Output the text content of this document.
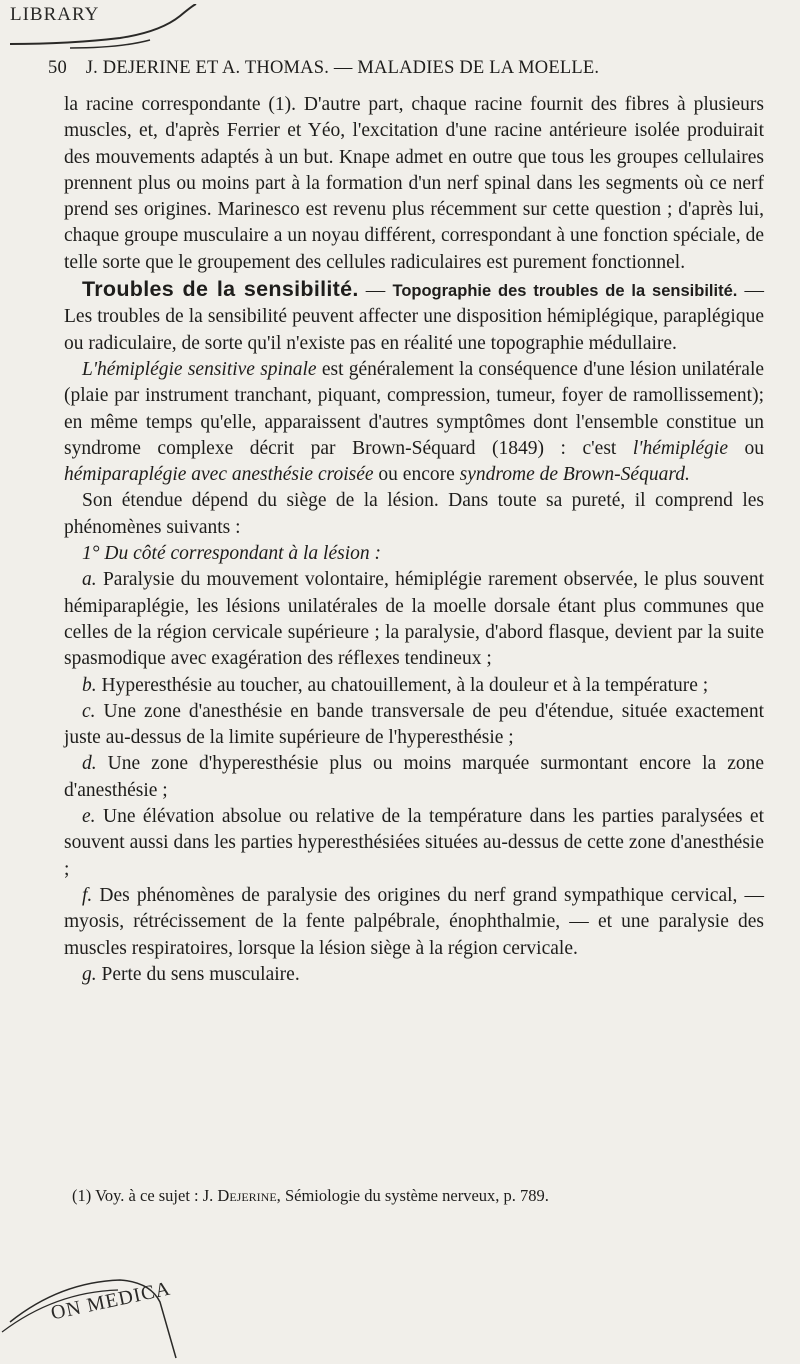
LIBRARY
50 J. DEJERINE ET A. THOMAS. — MALADIES DE LA MOELLE.

la racine correspondante (1). D'autre part, chaque racine fournit des fibres à plusieurs muscles, et, d'après Ferrier et Yéo, l'excitation d'une racine antérieure isolée produirait des mouvements adaptés à un but. Knape admet en outre que tous les groupes cellulaires prennent plus ou moins part à la formation d'un nerf spinal dans les segments où ce nerf prend ses origines. Marinesco est revenu plus récemment sur cette question ; d'après lui, chaque groupe musculaire a un noyau différent, correspondant à une fonction spéciale, de telle sorte que le groupement des cellules radiculaires est purement fonctionnel.

Troubles de la sensibilité. — Topographie des troubles de la sensibilité. — Les troubles de la sensibilité peuvent affecter une disposition hémiplégique, paraplégique ou radiculaire, de sorte qu'il n'existe pas en réalité une topographie médullaire.

L'hémiplégie sensitive spinale est généralement la conséquence d'une lésion unilatérale (plaie par instrument tranchant, piquant, compression, tumeur, foyer de ramollissement); en même temps qu'elle, apparaissent d'autres symptômes dont l'ensemble constitue un syndrome complexe décrit par Brown-Séquard (1849) : c'est l'hémiplégie ou hémiparaplégie avec anesthésie croisée ou encore syndrome de Brown-Séquard.

Son étendue dépend du siège de la lésion. Dans toute sa pureté, il comprend les phénomènes suivants :

1° Du côté correspondant à la lésion :

a. Paralysie du mouvement volontaire, hémiplégie rarement observée, le plus souvent hémiparaplégie, les lésions unilatérales de la moelle dorsale étant plus communes que celles de la région cervicale supérieure ; la paralysie, d'abord flasque, devient par la suite spasmodique avec exagération des réflexes tendineux ;

b. Hyperesthésie au toucher, au chatouillement, à la douleur et à la température ;

c. Une zone d'anesthésie en bande transversale de peu d'étendue, située exactement juste au-dessus de la limite supérieure de l'hyperesthésie ;

d. Une zone d'hyperesthésie plus ou moins marquée surmontant encore la zone d'anesthésie ;

e. Une élévation absolue ou relative de la température dans les parties paralysées et souvent aussi dans les parties hyperesthésiées situées au-dessus de cette zone d'anesthésie ;

f. Des phénomènes de paralysie des origines du nerf grand sympathique cervical, — myosis, rétrécissement de la fente palpébrale, énophthalmie, — et une paralysie des muscles respiratoires, lorsque la lésion siège à la région cervicale.

g. Perte du sens musculaire.

(1) Voy. à ce sujet : J. Dejerine, Sémiologie du système nerveux, p. 789.
ON MEDICA
